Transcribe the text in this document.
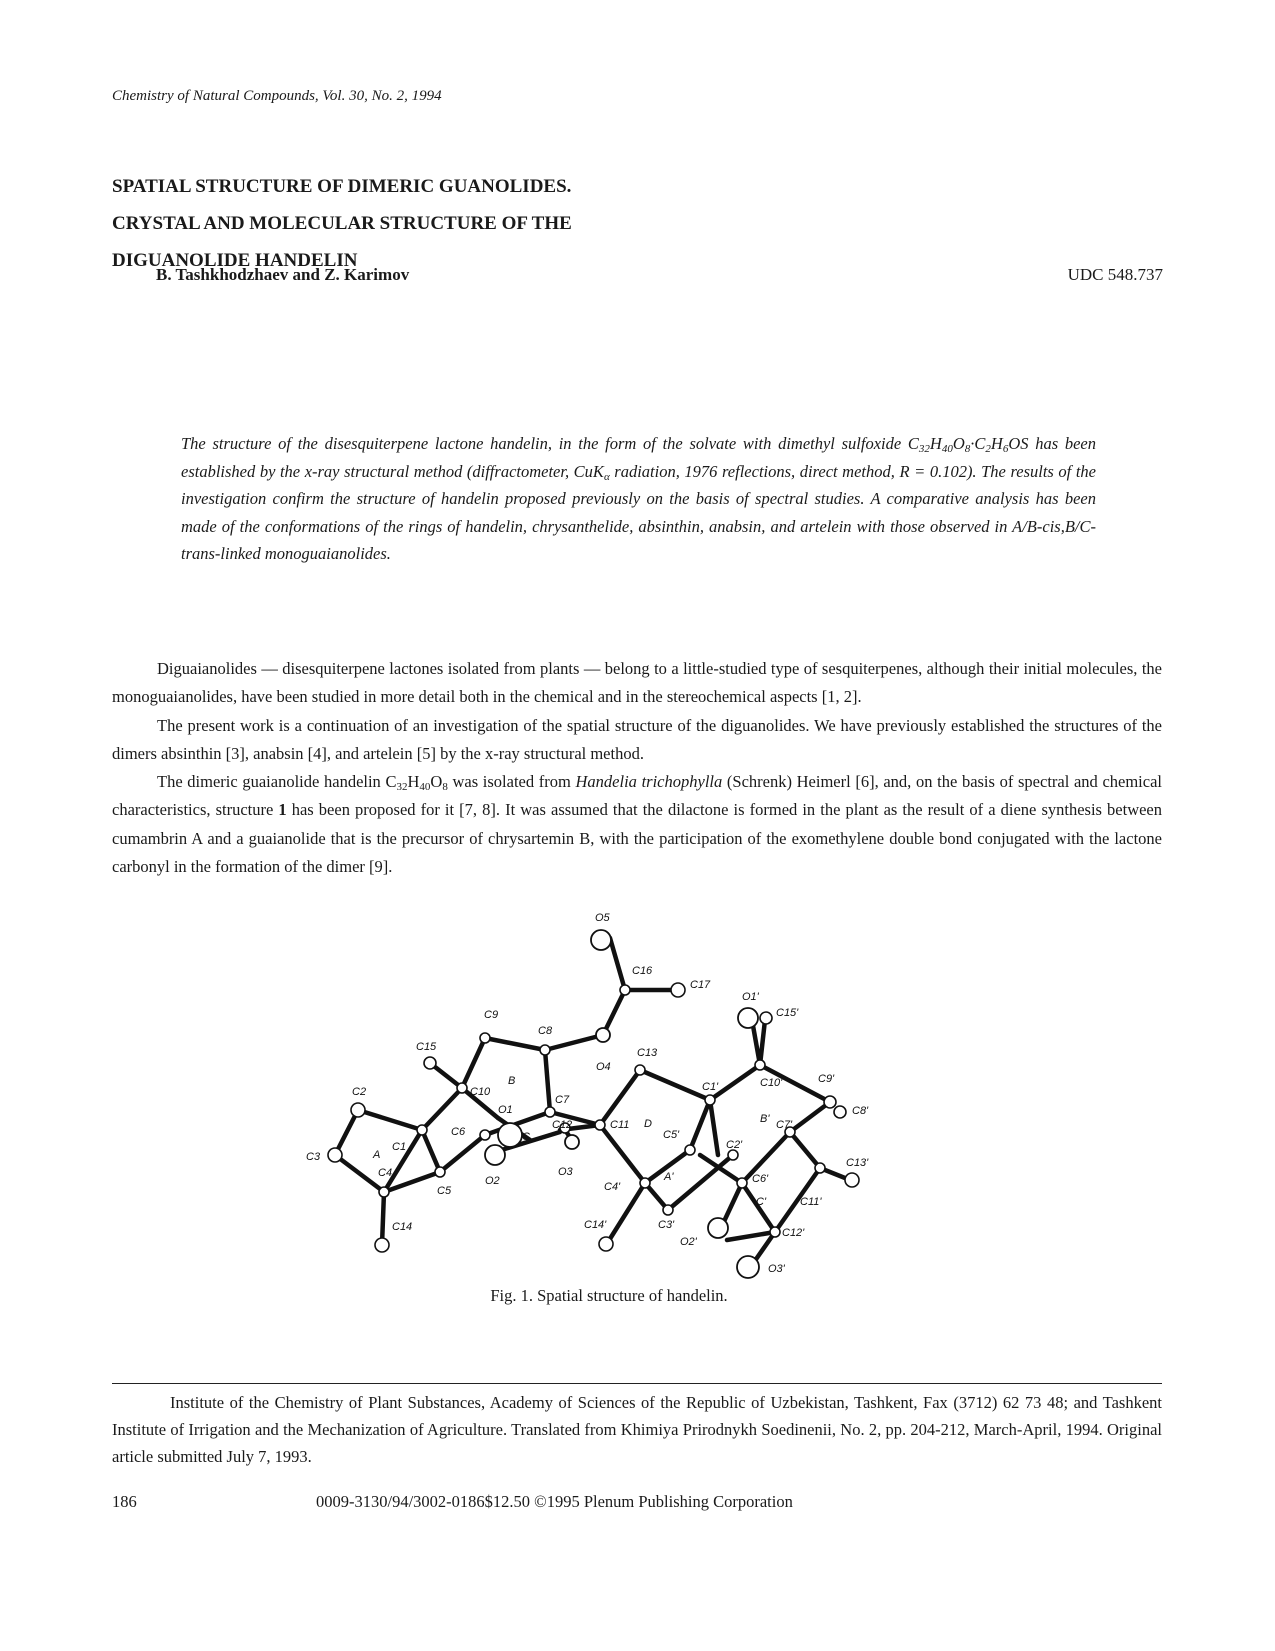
Chemistry of Natural Compounds, Vol. 30, No. 2, 1994
SPATIAL STRUCTURE OF DIMERIC GUANOLIDES.
CRYSTAL AND MOLECULAR STRUCTURE OF THE
DIGUANOLIDE HANDELIN
B. Tashkhodzhaev and Z. Karimov	UDC 548.737

The structure of the disesquiterpene lactone handelin, in the form of the solvate with dimethyl sulfoxide $C_{32}H_{40}O_8\cdot C_2H_6OS$ has been established by the x-ray structural method (diffractometer, CuK$_\alpha$ radiation, 1976 reflections, direct method, R = 0.102). The results of the investigation confirm the structure of handelin proposed previously on the basis of spectral studies. A comparative analysis has been made of the conformations of the rings of handelin, chrysanthelide, absinthin, anabsin, and artelein with those observed in A/B-cis,B/C-trans-linked monoguaianolides.

Diguaianolides — disesquiterpene lactones isolated from plants — belong to a little-studied type of sesquiterpenes, although their initial molecules, the monoguaianolides, have been studied in more detail both in the chemical and in the stereochemical aspects [1, 2].

The present work is a continuation of an investigation of the spatial structure of the diguanolides. We have previously established the structures of the dimers absinthin [3], anabsin [4], and artelein [5] by the x-ray structural method.

The dimeric guaianolide handelin $C_{32}H_{40}O_8$ was isolated from Handelia trichophylla (Schrenk) Heimerl [6], and, on the basis of spectral and chemical characteristics, structure 1 has been proposed for it [7, 8]. It was assumed that the dilactone is formed in the plant as the result of a diene synthesis between cumambrin A and a guaianolide that is the precursor of chrysartemin B, with the participation of the exomethylene double bond conjugated with the lactone carbonyl in the formation of the dimer [9].

O5
C16
C17
O1'
C15'
C9
C8
C13
O4
C15
C10
B	C1'	C10'	C9'
C2
C7
O1
C6	C
C12	C11 D
C5'
B' C7'
C8'
C1	C2'
C3	A
C4
O2
O3
C4'
A'	C6'
C13'
C5
C'	C11'
C14	C14'	C3'
O2'
C12'
O3'
Fig. 1. Spatial structure of handelin.

Institute of the Chemistry of Plant Substances, Academy of Sciences of the Republic of Uzbekistan, Tashkent, Fax (3712) 62 73 48; and Tashkent Institute of Irrigation and the Mechanization of Agriculture. Translated from Khimiya Prirodnykh Soedinenii, No. 2, pp. 204-212, March-April, 1994. Original article submitted July 7, 1993.

186	0009-3130/94/3002-0186$12.50 ©1995 Plenum Publishing Corporation
